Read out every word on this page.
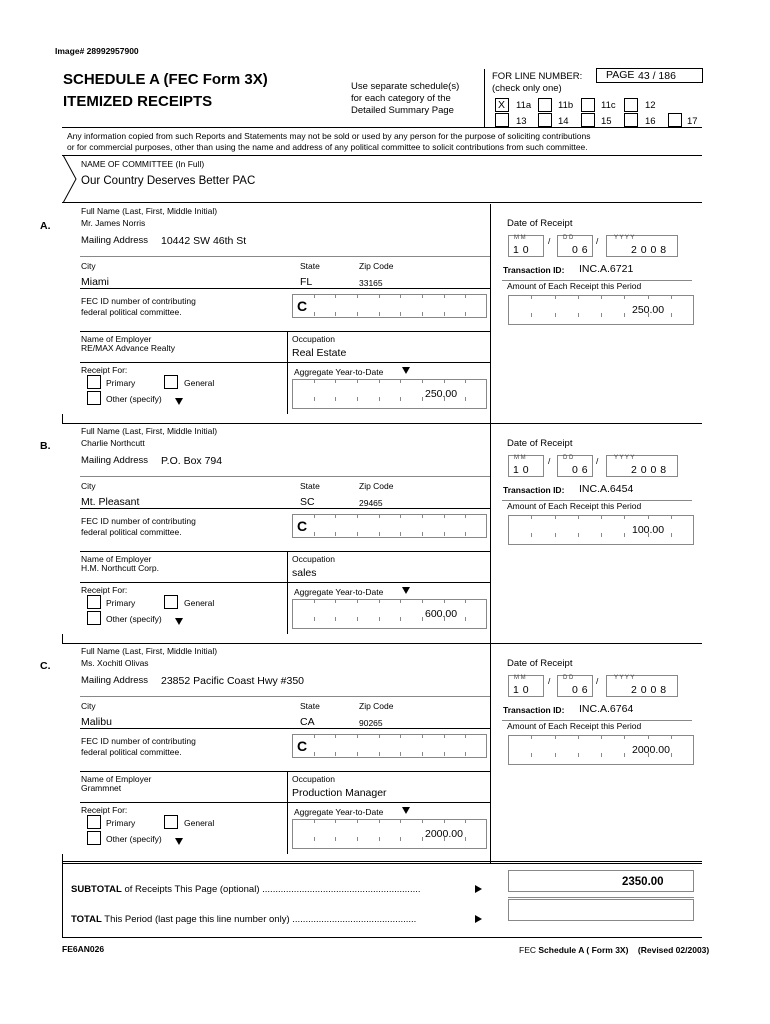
Image# 28992957900
SCHEDULE A (FEC Form 3X)
ITEMIZED RECEIPTS
Use separate schedule(s)
for each category of the
Detailed Summary Page
FOR LINE NUMBER:
(check only one)
PAGE 43 / 186
X 11a	11b	11c	12
13	14	15	16	17
Any information copied from such Reports and Statements may not be sold or used by any person for the purpose of soliciting contributions
or for commercial purposes, other than using the name and address of any political committee to solicit contributions from such committee.
NAME OF COMMITTEE (In Full)
Our Country Deserves Better PAC
A.
Full Name (Last, First, Middle Initial)
Mr. James Norris
Mailing Address 10442 SW 46th St
City	State	Zip Code
Miami	FL	33165
FEC ID number of contributing
federal political committee.	C
Name of Employer
RE/MAX Advance Realty
Occupation
Real Estate
Receipt For:
Primary	General
Other (specify)
Aggregate Year-to-Date
250.00
Date of Receipt
M M
1 0
/ D D
0 6
/	Y Y Y Y
2 0 0 8
Transaction ID: INC.A.6721
Amount of Each Receipt this Period
250.00
B.
Full Name (Last, First, Middle Initial)
Charlie Northcutt
Mailing Address P.O. Box 794
City	State	Zip Code
Mt. Pleasant	SC	29465
FEC ID number of contributing
federal political committee.	C
Name of Employer
H.M. Northcutt Corp.
Occupation
sales
Receipt For:
Primary	General
Other (specify)
Aggregate Year-to-Date
600.00
Date of Receipt
M M
1 0
/ D D
0 6
/	Y Y Y Y
2 0 0 8
Transaction ID: INC.A.6454
Amount of Each Receipt this Period
100.00
C.
Full Name (Last, First, Middle Initial)
Ms. Xochitl Olivas
Mailing Address 23852 Pacific Coast Hwy #350
City	State	Zip Code
Malibu	CA	90265
FEC ID number of contributing
federal political committee.	C
Name of Employer
Grammnet
Occupation
Production Manager
Receipt For:
Primary	General
Other (specify)
Aggregate Year-to-Date
2000.00
Date of Receipt
M M
1 0
/ D D
0 6
/	Y Y Y Y
2 0 0 8
Transaction ID: INC.A.6764
Amount of Each Receipt this Period
2000.00
SUBTOTAL of Receipts This Page (optional) ............................................................
2350.00
TOTAL This Period (last page this line number only) ...............................................
FE6AN026	FEC Schedule A ( Form 3X) (Revised 02/2003)
